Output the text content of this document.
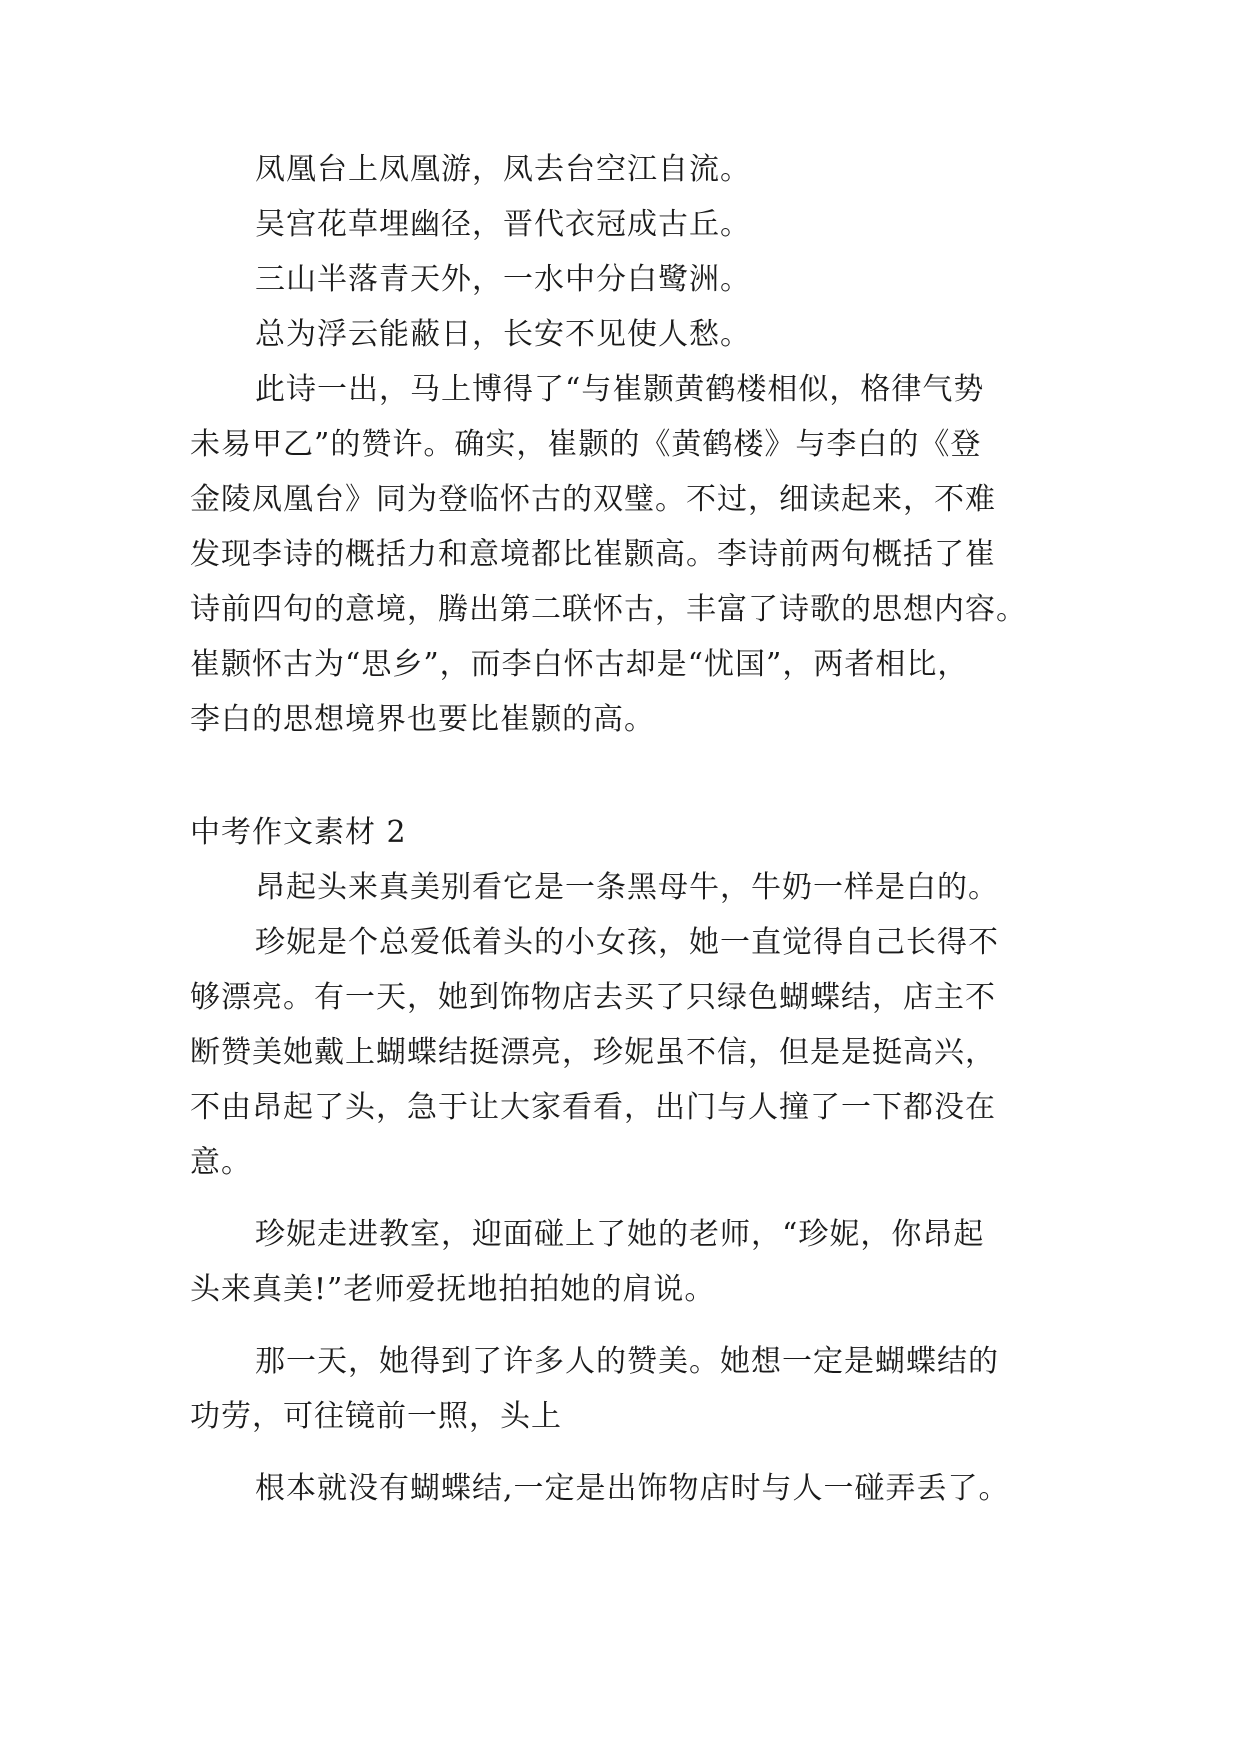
凤凰台上凤凰游，凤去台空江自流。
吴宫花草埋幽径，晋代衣冠成古丘。
三山半落青天外，一水中分白鹭洲。
总为浮云能蔽日，长安不见使人愁。
此诗一出，马上博得了“与崔颢黄鹤楼相似，格律气势
未易甲乙”的赞许。确实，崔颢的《黄鹤楼》与李白的《登
金陵凤凰台》同为登临怀古的双璧。不过，细读起来，不难
发现李诗的概括力和意境都比崔颢高。李诗前两句概括了崔
诗前四句的意境，腾出第二联怀古，丰富了诗歌的思想内容。
崔颢怀古为“思乡”，而李白怀古却是“忧国”，两者相比，
李白的思想境界也要比崔颢的高。
中考作文素材 2
昂起头来真美别看它是一条黑母牛，牛奶一样是白的。
珍妮是个总爱低着头的小女孩，她一直觉得自己长得不
够漂亮。有一天，她到饰物店去买了只绿色蝴蝶结，店主不
断赞美她戴上蝴蝶结挺漂亮，珍妮虽不信，但是是挺高兴，
不由昂起了头，急于让大家看看，出门与人撞了一下都没在
意。
珍妮走进教室，迎面碰上了她的老师，“珍妮，你昂起
头来真美!”老师爱抚地拍拍她的肩说。
那一天，她得到了许多人的赞美。她想一定是蝴蝶结的
功劳，可往镜前一照，头上
根本就没有蝴蝶结,一定是出饰物店时与人一碰弄丢了。
